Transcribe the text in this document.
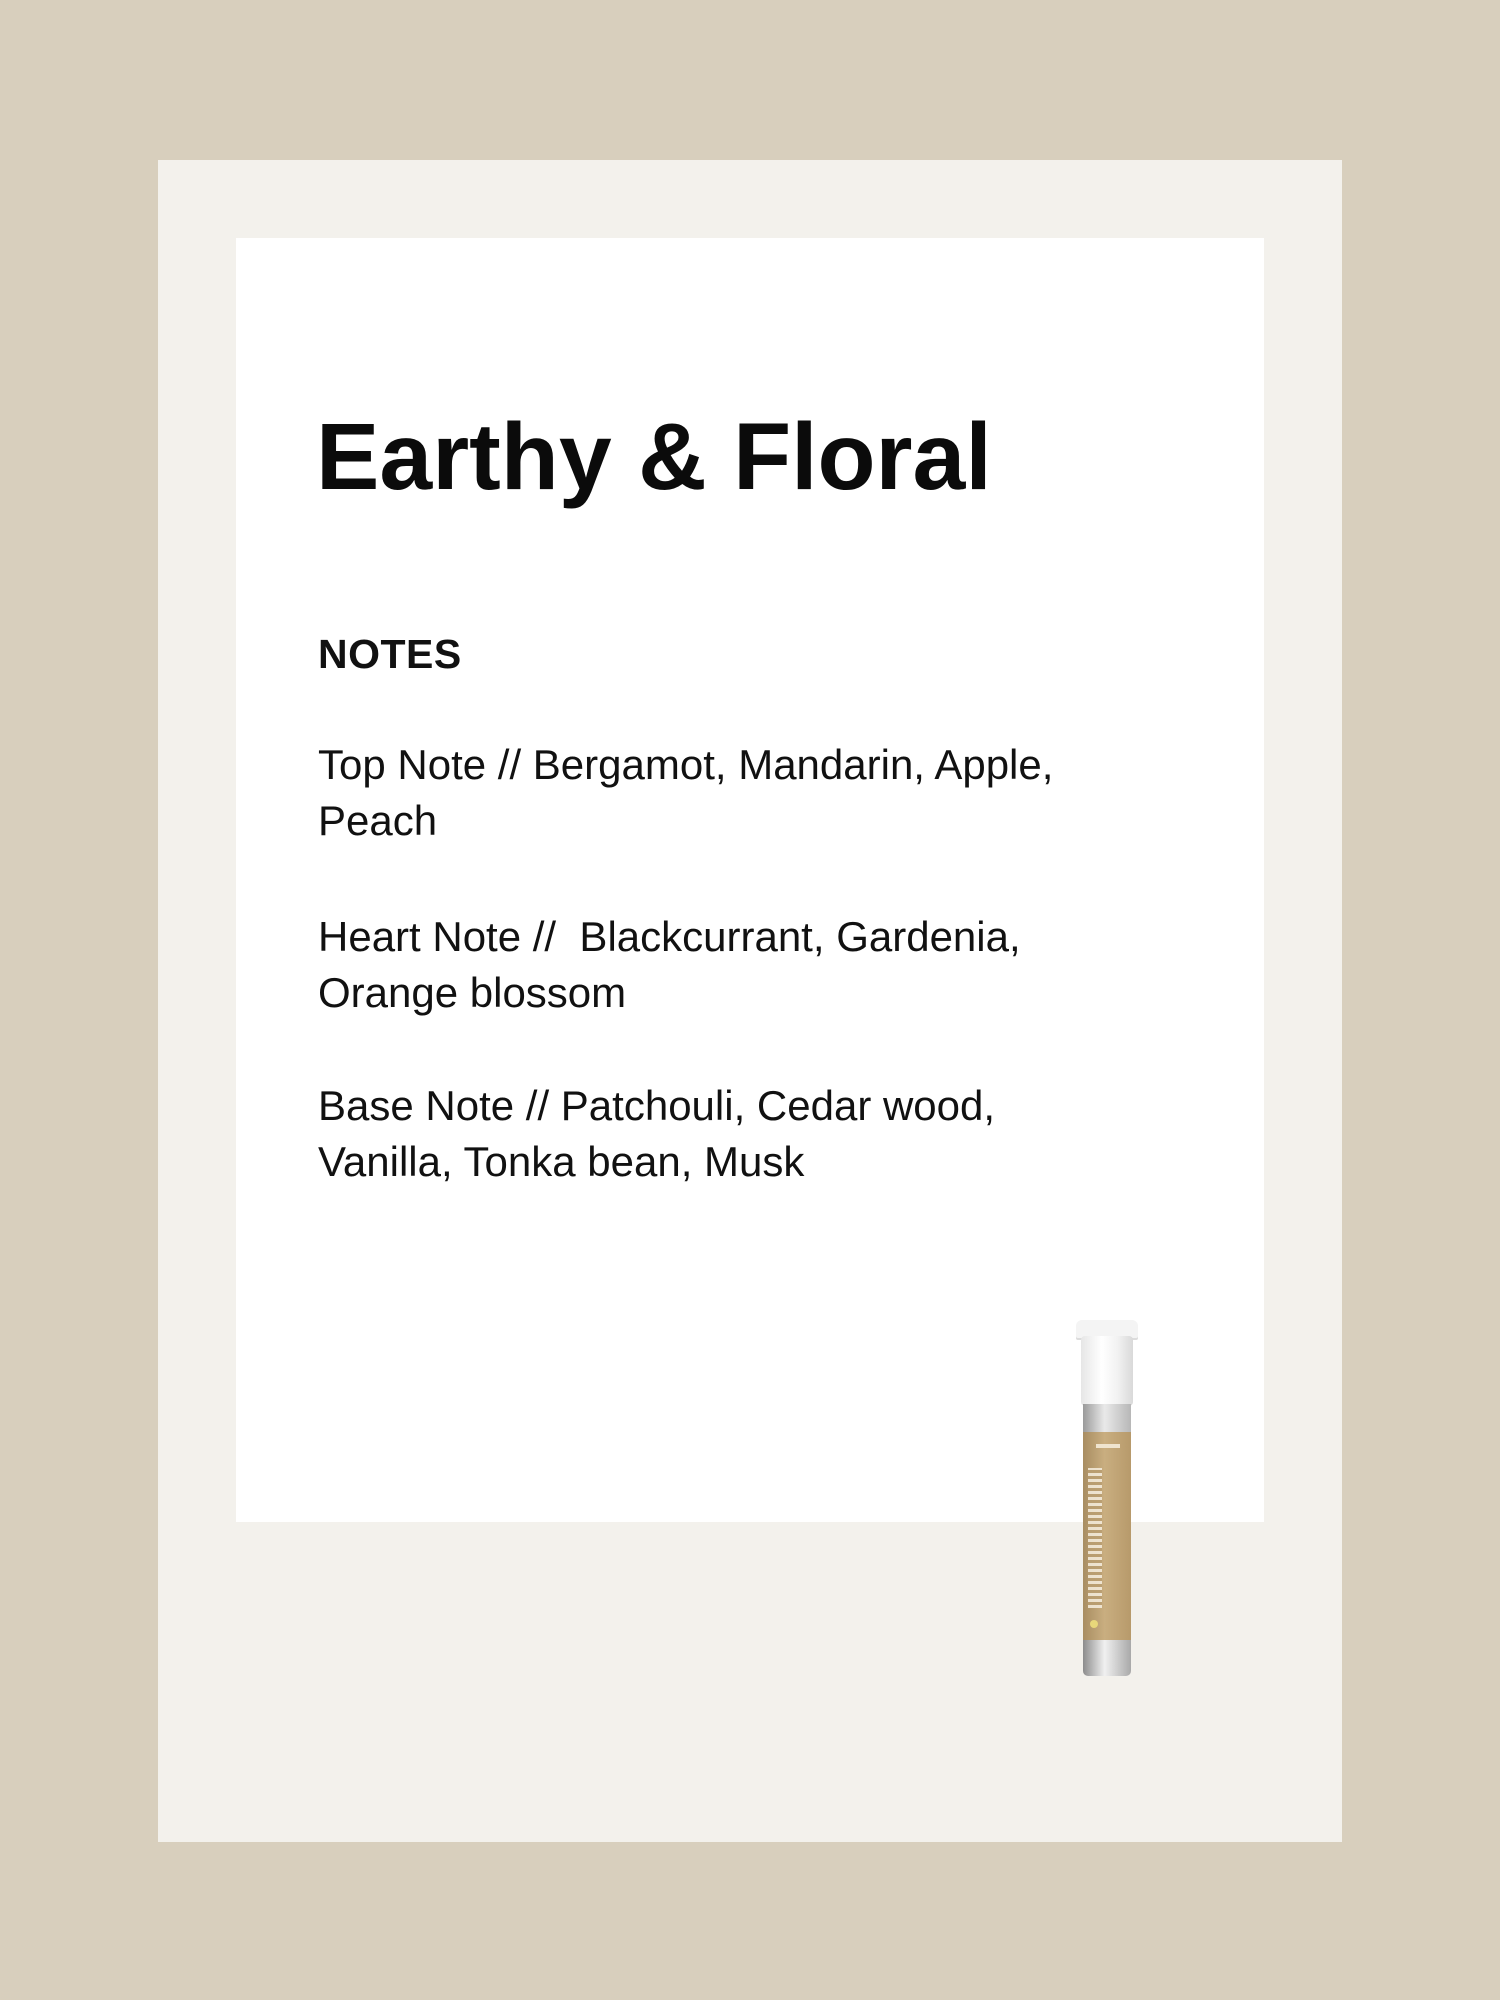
Earthy & Floral
NOTES

Top Note // Bergamot, Mandarin, Apple,
Peach

Heart Note //  Blackcurrant, Gardenia,
Orange blossom

Base Note // Patchouli, Cedar wood,
Vanilla, Tonka bean, Musk
